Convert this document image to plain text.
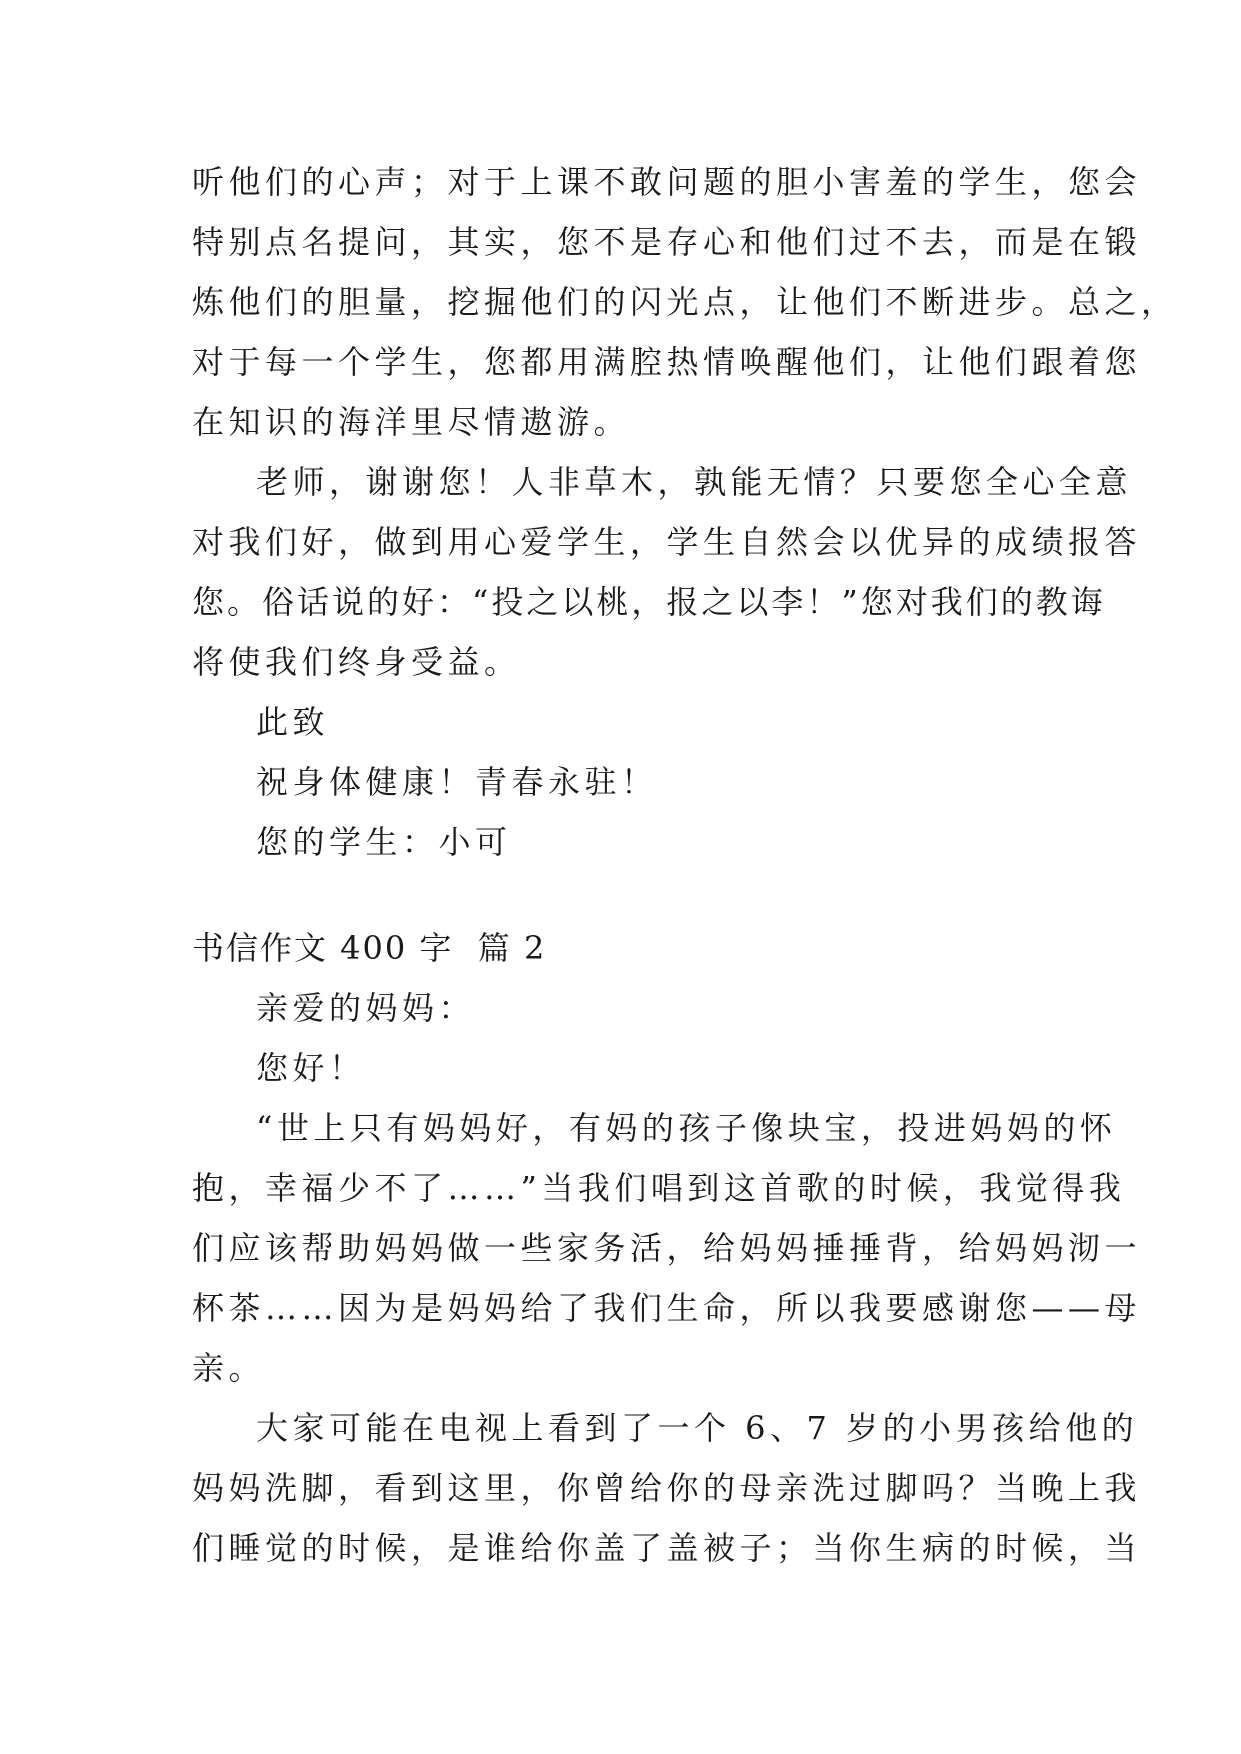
听他们的心声；对于上课不敢问题的胆小害羞的学生，您会
特别点名提问，其实，您不是存心和他们过不去，而是在锻
炼他们的胆量，挖掘他们的闪光点，让他们不断进步。总之，
对于每一个学生，您都用满腔热情唤醒他们，让他们跟着您
在知识的海洋里尽情遨游。
老师，谢谢您！人非草木，孰能无情？只要您全心全意
对我们好，做到用心爱学生，学生自然会以优异的成绩报答
您。俗话说的好：“投之以桃，报之以李！”您对我们的教诲
将使我们终身受益。
此致
祝身体健康！青春永驻！
您的学生：小可
书信作文 400 字  篇 2
亲爱的妈妈：
您好！
“世上只有妈妈好，有妈的孩子像块宝，投进妈妈的怀
抱，幸福少不了……”当我们唱到这首歌的时候，我觉得我
们应该帮助妈妈做一些家务活，给妈妈捶捶背，给妈妈沏一
杯茶……因为是妈妈给了我们生命，所以我要感谢您——母
亲。
大家可能在电视上看到了一个 6、7 岁的小男孩给他的
妈妈洗脚，看到这里，你曾给你的母亲洗过脚吗？当晚上我
们睡觉的时候，是谁给你盖了盖被子；当你生病的时候，当
